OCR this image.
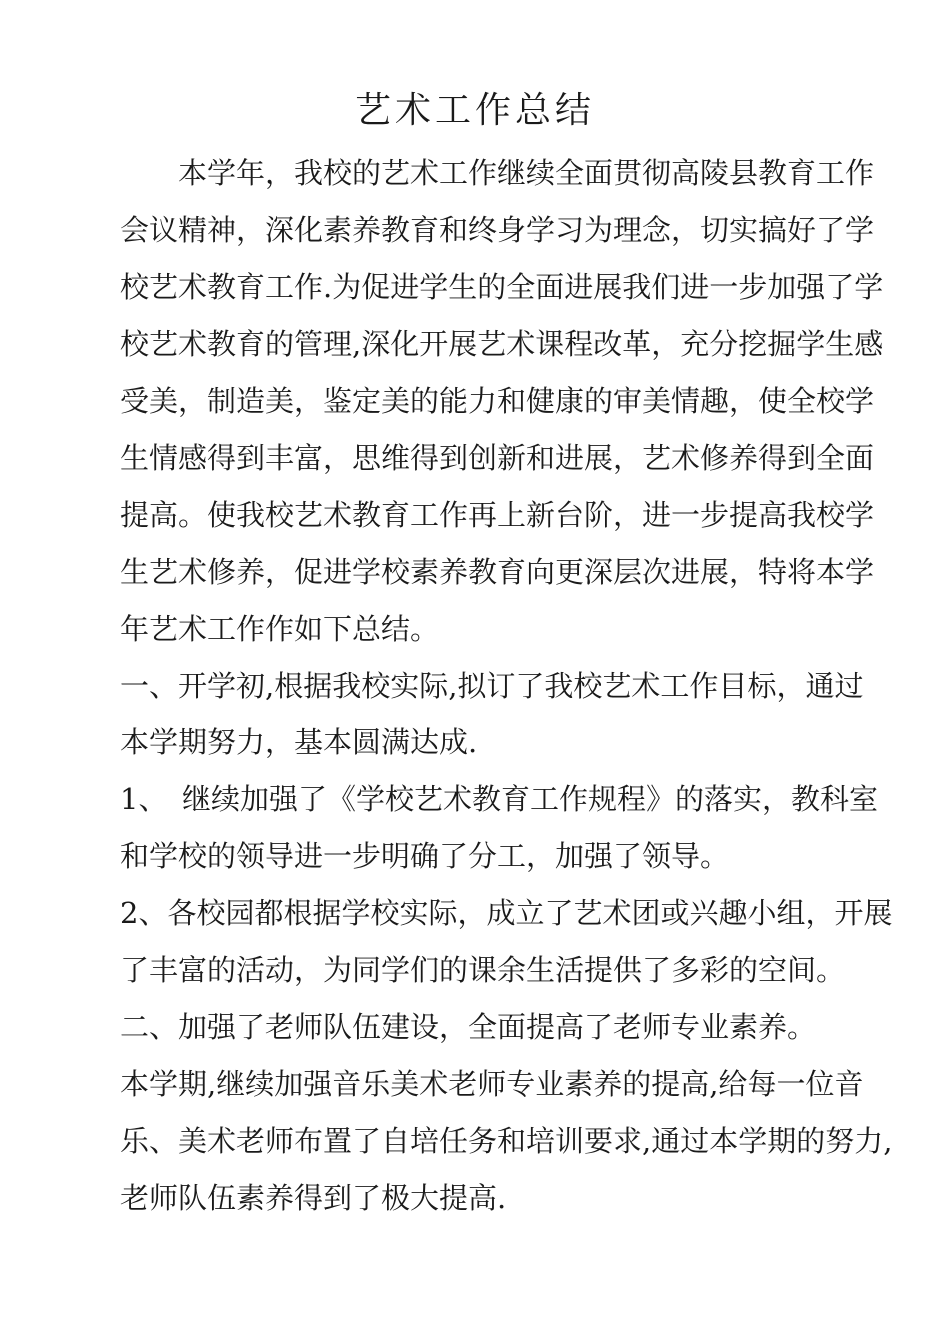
艺术工作总结
　　本学年，我校的艺术工作继续全面贯彻高陵县教育工作
会议精神，深化素养教育和终身学习为理念，切实搞好了学
校艺术教育工作.为促进学生的全面进展我们进一步加强了学
校艺术教育的管理,深化开展艺术课程改革，充分挖掘学生感
受美，制造美，鉴定美的能力和健康的审美情趣，使全校学
生情感得到丰富，思维得到创新和进展，艺术修养得到全面
提高。使我校艺术教育工作再上新台阶，进一步提高我校学
生艺术修养，促进学校素养教育向更深层次进展，特将本学
年艺术工作作如下总结。
一、开学初,根据我校实际,拟订了我校艺术工作目标，通过
本学期努力，基本圆满达成.
1、　继续加强了《学校艺术教育工作规程》的落实，教科室
和学校的领导进一步明确了分工，加强了领导。
2、各校园都根据学校实际，成立了艺术团或兴趣小组，开展
了丰富的活动，为同学们的课余生活提供了多彩的空间。
二、加强了老师队伍建设，全面提高了老师专业素养。
本学期,继续加强音乐美术老师专业素养的提高,给每一位音
乐、美术老师布置了自培任务和培训要求,通过本学期的努力,
老师队伍素养得到了极大提高.
